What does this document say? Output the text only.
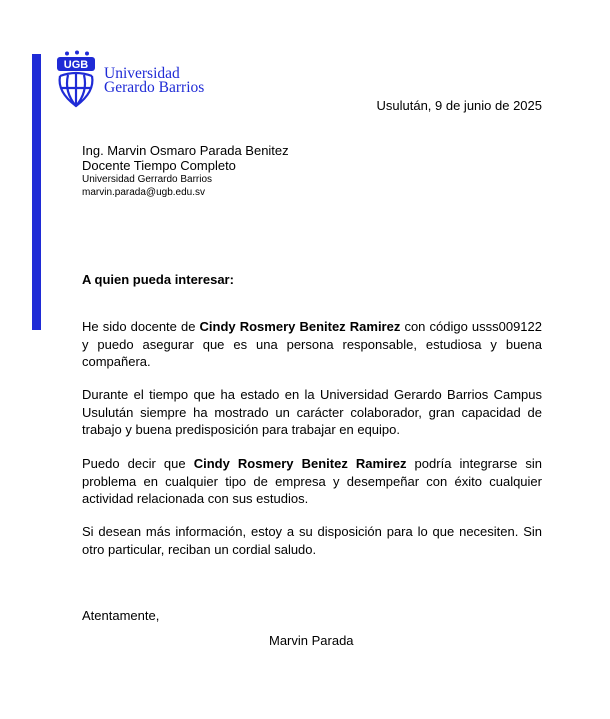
UGB Universidad
Gerardo Barrios
Usulután, 9 de junio de 2025
Ing. Marvin Osmaro Parada Benitez
Docente Tiempo Completo
Universidad Gerrardo Barrios
marvin.parada@ugb.edu.sv
A quien pueda interesar:

He sido docente de Cindy Rosmery Benitez Ramirez con código usss009122 y puedo asegurar que es una persona responsable, estudiosa y buena compañera.

Durante el tiempo que ha estado en la Universidad Gerardo Barrios Campus Usulután siempre ha mostrado un carácter colaborador, gran capacidad de trabajo y buena predisposición para trabajar en equipo.

Puedo decir que Cindy Rosmery Benitez Ramirez podría integrarse sin problema en cualquier tipo de empresa y desempeñar con éxito cualquier actividad relacionada con sus estudios.

Si desean más información, estoy a su disposición para lo que necesiten. Sin otro particular, reciban un cordial saludo.

Atentamente,
Marvin Parada
